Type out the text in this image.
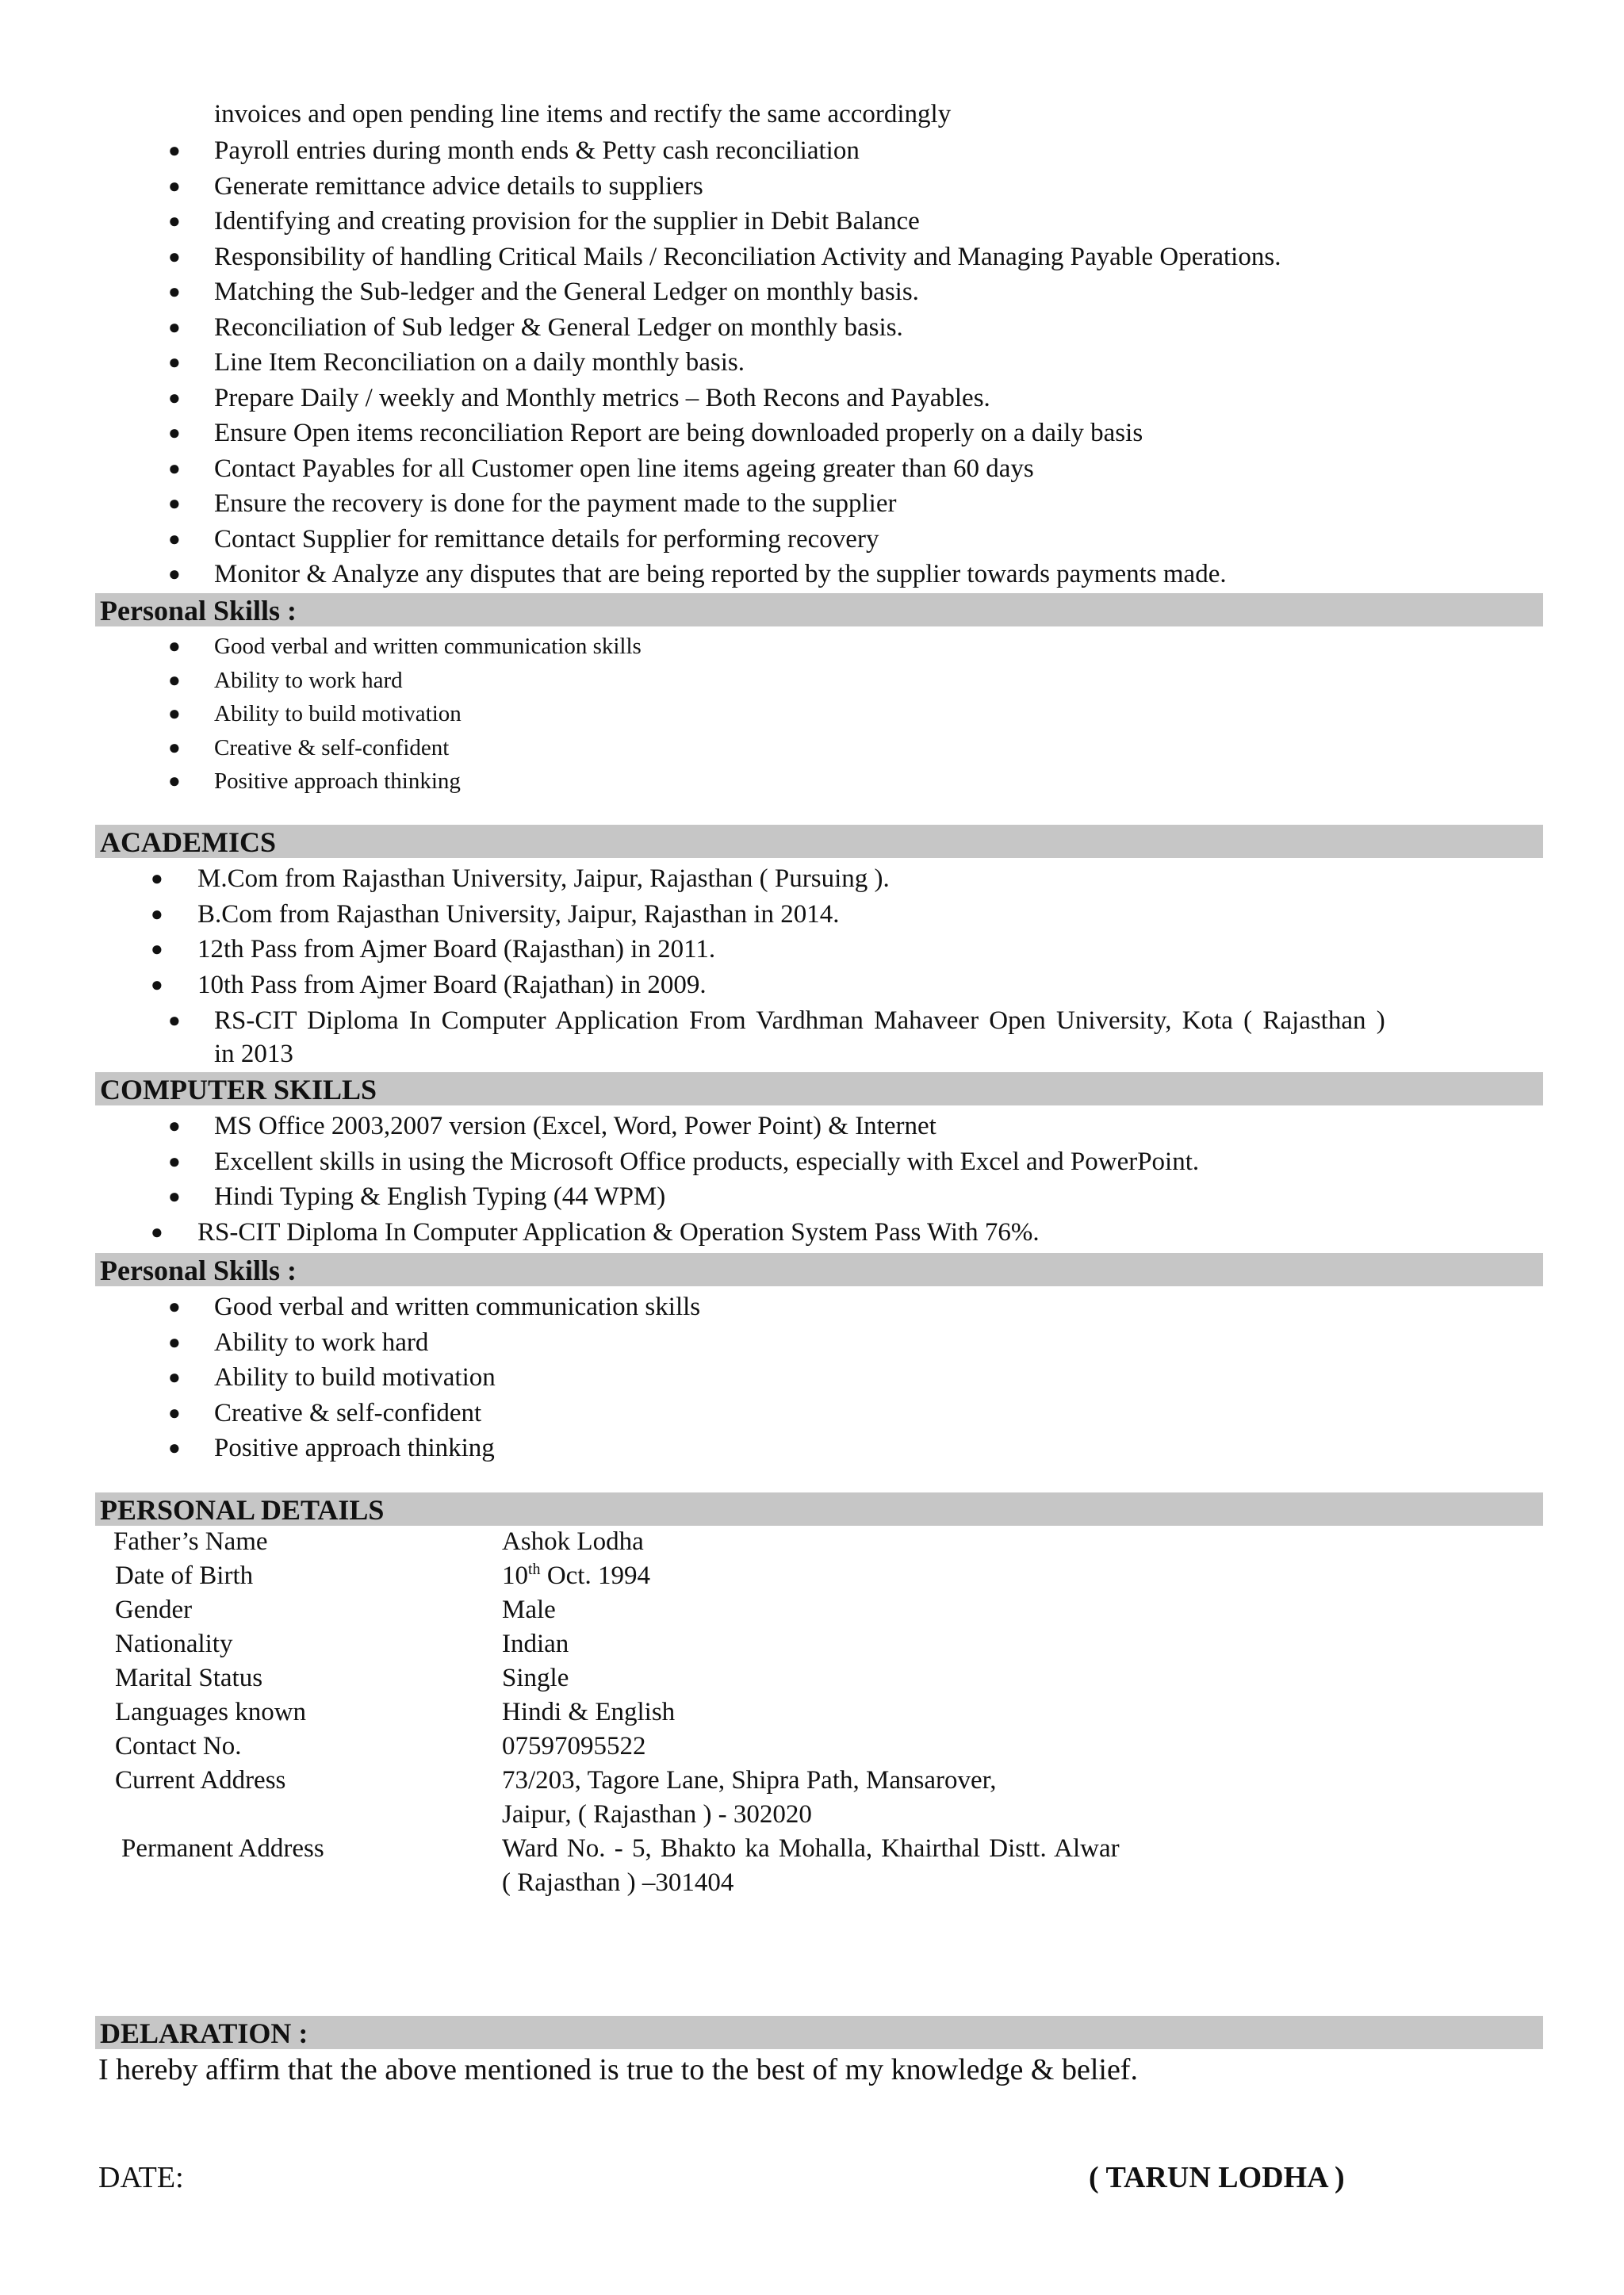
invoices and open pending line items and rectify the same accordingly
● Payroll entries during month ends & Petty cash reconciliation
● Generate remittance advice details to suppliers
● Identifying and creating provision for the supplier in Debit Balance
● Responsibility of handling Critical Mails / Reconciliation Activity and Managing Payable Operations.
● Matching the Sub-ledger and the General Ledger on monthly basis.
● Reconciliation of Sub ledger & General Ledger on monthly basis.
● Line Item Reconciliation on a daily monthly basis.
● Prepare Daily / weekly and Monthly metrics – Both Recons and Payables.
● Ensure Open items reconciliation Report are being downloaded properly on a daily basis
● Contact Payables for all Customer open line items ageing greater than 60 days
● Ensure the recovery is done for the payment made to the supplier
● Contact Supplier for remittance details for performing recovery
● Monitor & Analyze any disputes that are being reported by the supplier towards payments made.
Personal Skills :
● Good verbal and written communication skills
● Ability to work hard
● Ability to build motivation
● Creative & self-confident
● Positive approach thinking
ACADEMICS
● M.Com from Rajasthan University, Jaipur, Rajasthan ( Pursuing ).
● B.Com from Rajasthan University, Jaipur, Rajasthan in 2014.
● 12th Pass from Ajmer Board (Rajasthan) in 2011.
● 10th Pass from Ajmer Board (Rajathan) in 2009.
● RS-CIT Diploma In Computer Application From Vardhman Mahaveer Open University, Kota ( Rajasthan )
in 2013
COMPUTER SKILLS
● MS Office 2003,2007 version (Excel, Word, Power Point) & Internet
● Excellent skills in using the Microsoft Office products, especially with Excel and PowerPoint.
● Hindi Typing & English Typing (44 WPM)
● RS-CIT Diploma In Computer Application & Operation System Pass With 76%.
Personal Skills :
● Good verbal and written communication skills
● Ability to work hard
● Ability to build motivation
● Creative & self-confident
● Positive approach thinking
PERSONAL DETAILS
Father’s Name	Ashok Lodha
Date of Birth	10th Oct. 1994
Gender	Male
Nationality	Indian
Marital Status	Single
Languages known	Hindi & English
Contact No.	07597095522
Current Address	73/203, Tagore Lane, Shipra Path, Mansarover,
	Jaipur, ( Rajasthan ) - 302020
Permanent Address	Ward No. - 5, Bhakto ka Mohalla, Khairthal Distt. Alwar
	( Rajasthan ) –301404
DELARATION :
I hereby affirm that the above mentioned is true to the best of my knowledge & belief.
DATE:	( TARUN LODHA )
